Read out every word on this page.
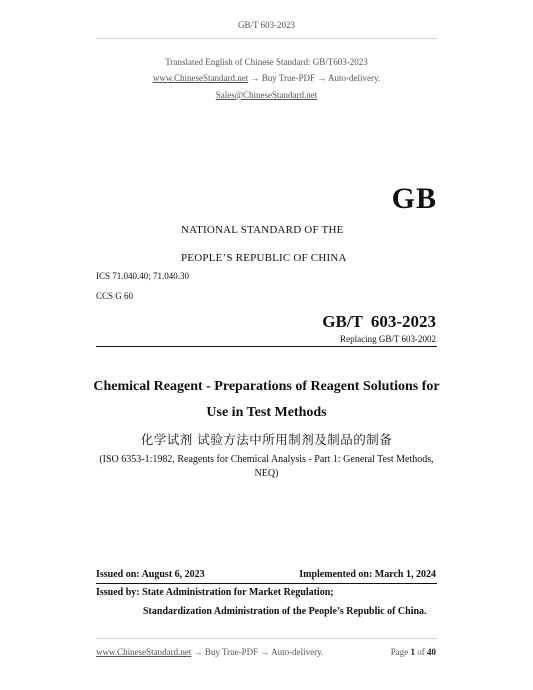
GB/T 603-2023
Translated English of Chinese Standard: GB/T603-2023
www.ChineseStandard.net → Buy True-PDF → Auto-delivery.
Sales@ChineseStandard.net
GB
NATIONAL STANDARD OF THE
PEOPLE’S REPUBLIC OF CHINA
ICS 71.040.40; 71.040.30
CCS G 60
GB/T 603-2023
Replacing GB/T 603-2002
Chemical Reagent - Preparations of Reagent Solutions for
Use in Test Methods
化学试剂 试验方法中所用制剂及制品的制备
(ISO 6353-1:1982, Reagents for Chemical Analysis - Part 1: General Test Methods, NEQ)
Issued on: August 6, 2023	Implemented on: March 1, 2024
Issued by: State Administration for Market Regulation;
Standardization Administration of the People’s Republic of China.
www.ChineseStandard.net → Buy True-PDF → Auto-delivery.	Page 1 of 40
